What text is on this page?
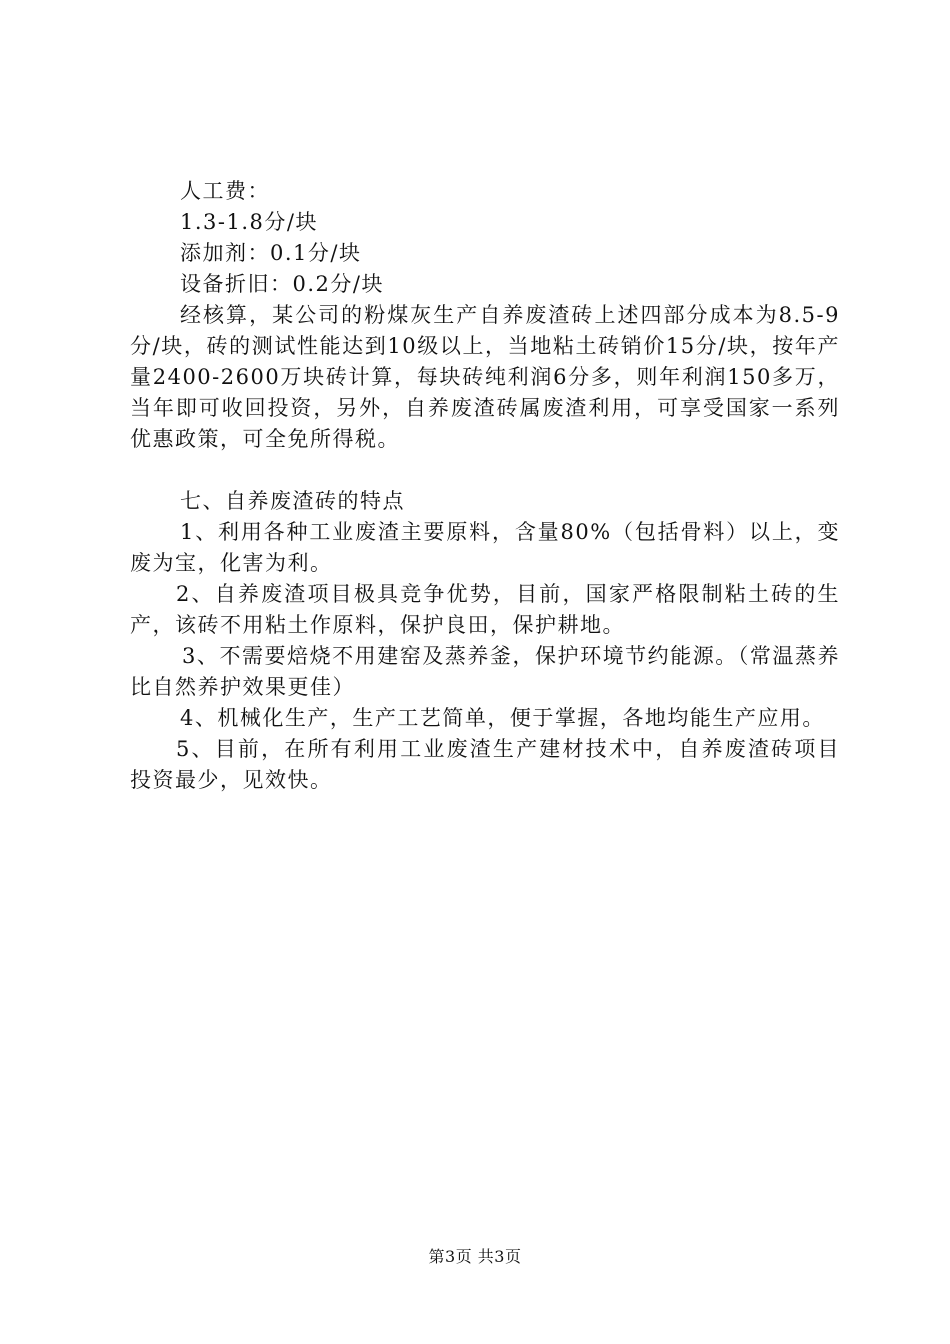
人工费：
1.3-1.8分/块
添加剂：0.1分/块
设备折旧：0.2分/块

经核算，某公司的粉煤灰生产自养废渣砖上述四部分成本为8.5-9分/块，砖的测试性能达到10级以上，当地粘土砖销价15分/块，按年产量2400-2600万块砖计算，每块砖纯利润6分多，则年利润150多万，当年即可收回投资，另外，自养废渣砖属废渣利用，可享受国家一系列优惠政策，可全免所得税。

七、自养废渣砖的特点

1、利用各种工业废渣主要原料，含量80%（包括骨料）以上，变废为宝，化害为利。

2、自养废渣项目极具竞争优势，目前，国家严格限制粘土砖的生产，该砖不用粘土作原料，保护良田，保护耕地。

3、不需要焙烧不用建窑及蒸养釜，保护环境节约能源。（常温蒸养比自然养护效果更佳）

4、机械化生产，生产工艺简单，便于掌握，各地均能生产应用。

5、目前，在所有利用工业废渣生产建材技术中，自养废渣砖项目投资最少，见效快。

第3页 共3页
